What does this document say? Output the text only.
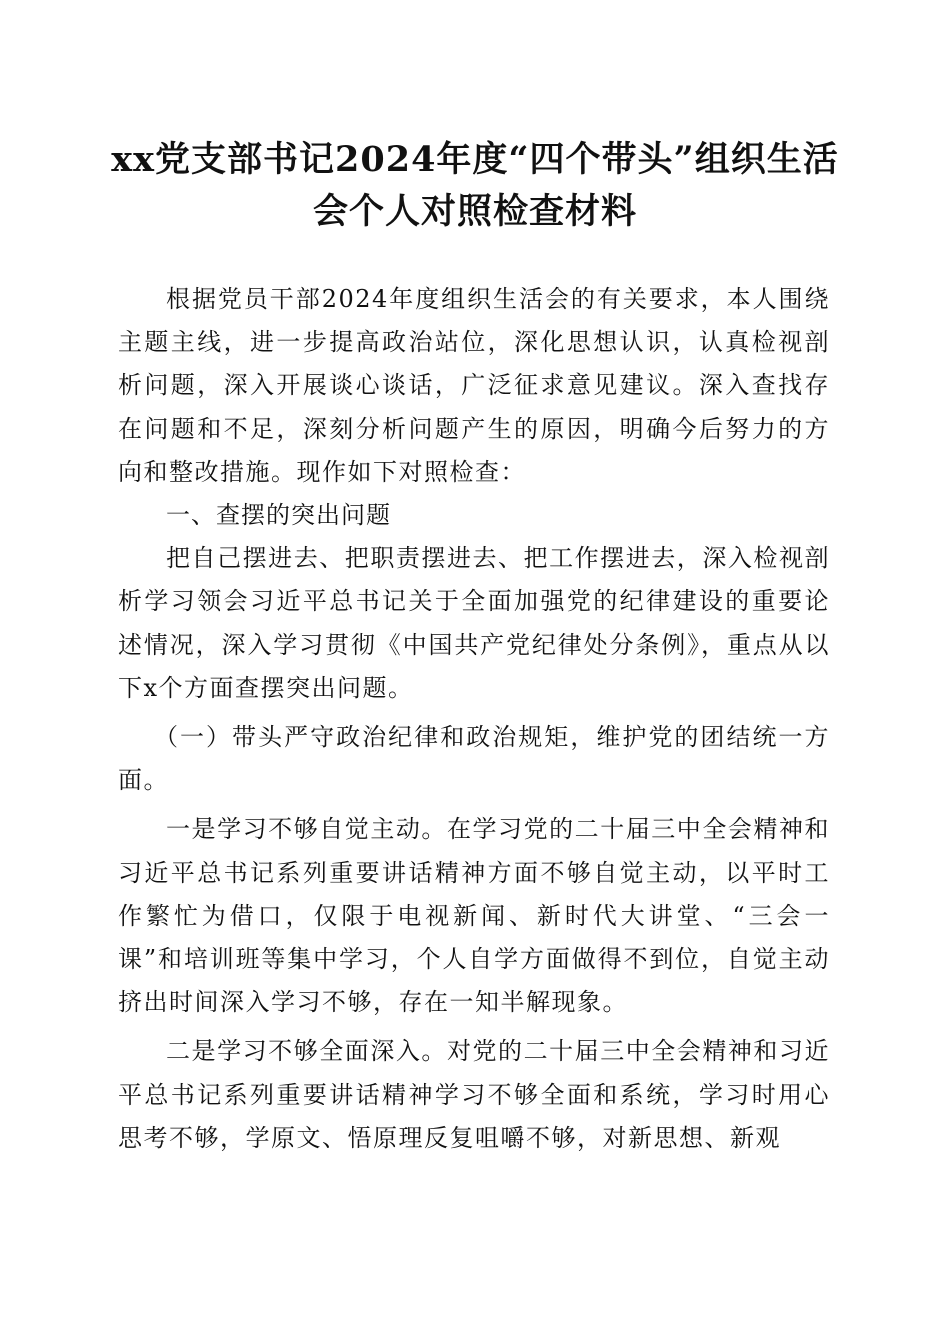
xx党支部书记2024年度“四个带头”组织生活会个人对照检查材料

根据党员干部2024年度组织生活会的有关要求，本人围绕主题主线，进一步提高政治站位，深化思想认识，认真检视剖析问题，深入开展谈心谈话，广泛征求意见建议。深入查找存在问题和不足，深刻分析问题产生的原因，明确今后努力的方向和整改措施。现作如下对照检查：

一、查摆的突出问题

把自己摆进去、把职责摆进去、把工作摆进去，深入检视剖析学习领会习近平总书记关于全面加强党的纪律建设的重要论述情况，深入学习贯彻《中国共产党纪律处分条例》，重点从以下x个方面查摆突出问题。

（一）带头严守政治纪律和政治规矩，维护党的团结统一方面。

一是学习不够自觉主动。在学习党的二十届三中全会精神和习近平总书记系列重要讲话精神方面不够自觉主动，以平时工作繁忙为借口，仅限于电视新闻、新时代大讲堂、“三会一课”和培训班等集中学习，个人自学方面做得不到位，自觉主动挤出时间深入学习不够，存在一知半解现象。

二是学习不够全面深入。对党的二十届三中全会精神和习近平总书记系列重要讲话精神学习不够全面和系统，学习时用心思考不够，学原文、悟原理反复咀嚼不够，对新思想、新观
